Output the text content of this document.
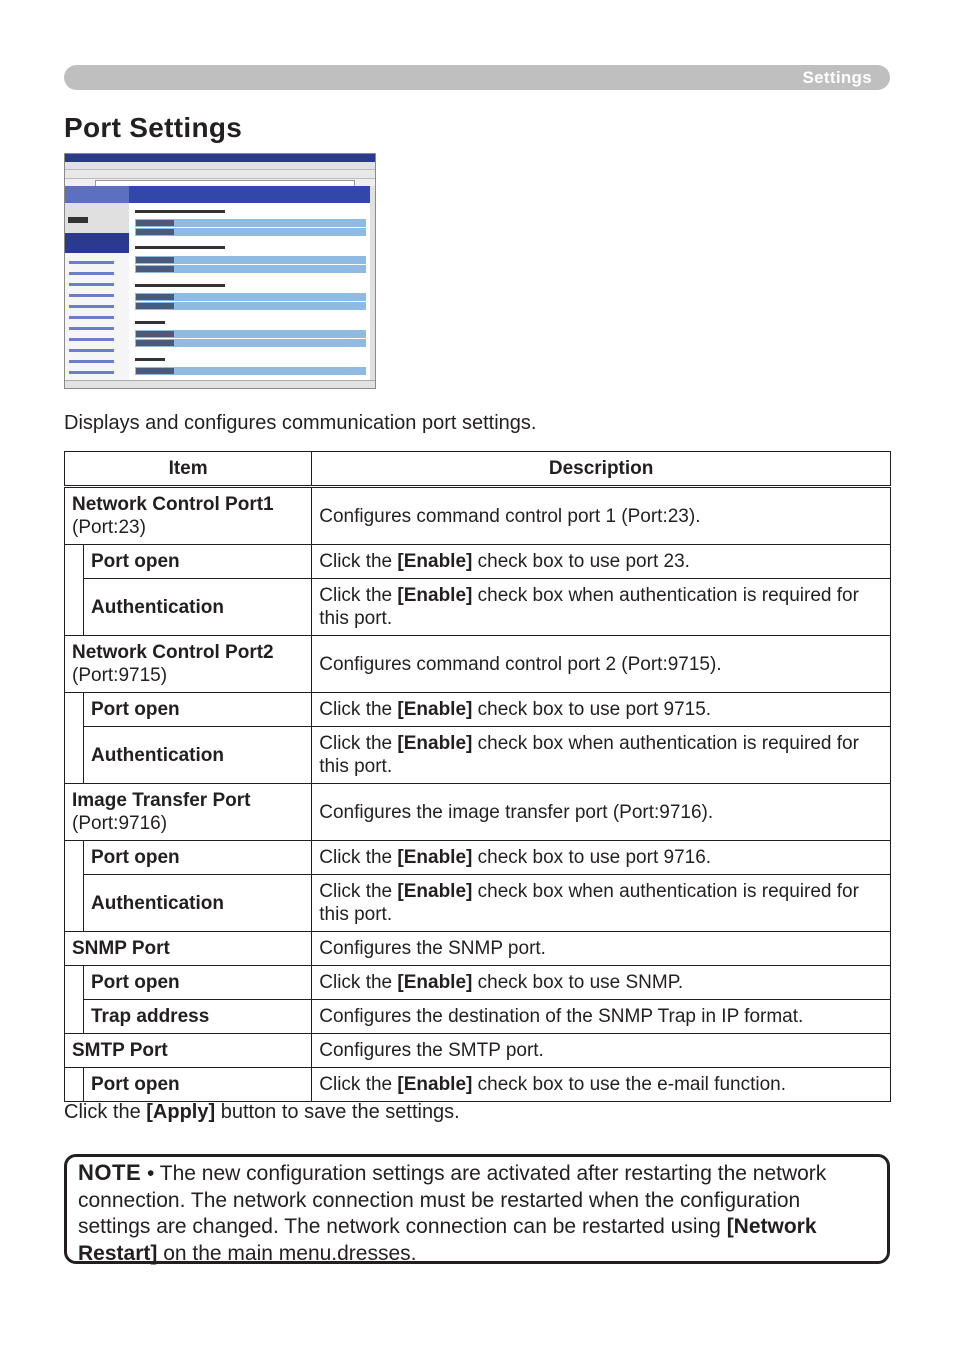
Settings
Port Settings

Displays and configures communication port settings.

Item		Description
Network Control Port1
(Port:23)		Configures command control port 1 (Port:23).
	Port open	Click the [Enable] check box to use port 23.
	Authentication	Click the [Enable] check box when authentication is required for this port.
Network Control Port2
(Port:9715)		Configures command control port 2 (Port:9715).
	Port open	Click the [Enable] check box to use port 9715.
	Authentication	Click the [Enable] check box when authentication is required for this port.
Image Transfer Port
(Port:9716)		Configures the image transfer port (Port:9716).
	Port open	Click the [Enable] check box to use port 9716.
	Authentication	Click the [Enable] check box when authentication is required for this port.
SNMP Port		Configures the SNMP port.
	Port open	Click the [Enable] check box to use SNMP.
	Trap address	Configures the destination of the SNMP Trap in IP format.
SMTP Port		Configures the SMTP port.
	Port open	Click the [Enable] check box to use the e-mail function.

Click the [Apply] button to save the settings.

NOTE • The new configuration settings are activated after restarting the network connection. The network connection must be restarted when the configuration settings are changed. The network connection can be restarted using [Network Restart] on the main menu.dresses.
